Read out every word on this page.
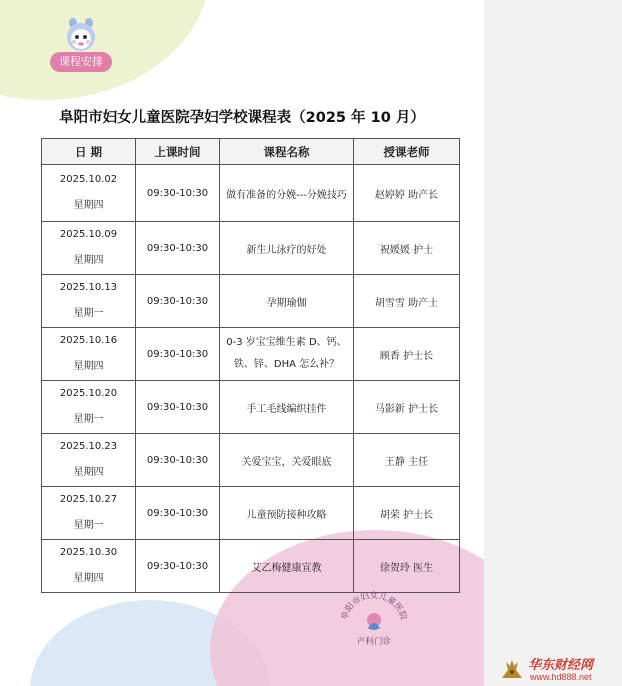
课程安排
阜阳市妇女儿童医院孕妇学校课程表（2025 年 10 月）
日 期	上课时间	课程名称	授课老师

2025.10.02
星期四	09:30-10:30	做有准备的分娩---分娩技巧	赵婷婷 助产长

2025.10.09
星期四	09:30-10:30	新生儿泳疗的好处	祝媛媛 护士

2025.10.13
星期一	09:30-10:30	孕期瑜伽	胡雪雪 助产士

2025.10.16
星期四	09:30-10:30	0-3 岁宝宝维生素 D、钙、铁、锌、DHA 怎么补？	顾香 护士长

2025.10.20
星期一	09:30-10:30	手工毛线编织挂件	马影新 护士长

2025.10.23
星期四	09:30-10:30	关爱宝宝，关爱眼底	王静 主任

2025.10.27
星期一	09:30-10:30	儿童预防接种攻略	胡荣 护士长

2025.10.30
星期四	09:30-10:30	艾乙梅健康宣教	徐贺玲 医生
阜阳市妇女儿童医院
产科门诊
华东财经网
www.hd888.net
